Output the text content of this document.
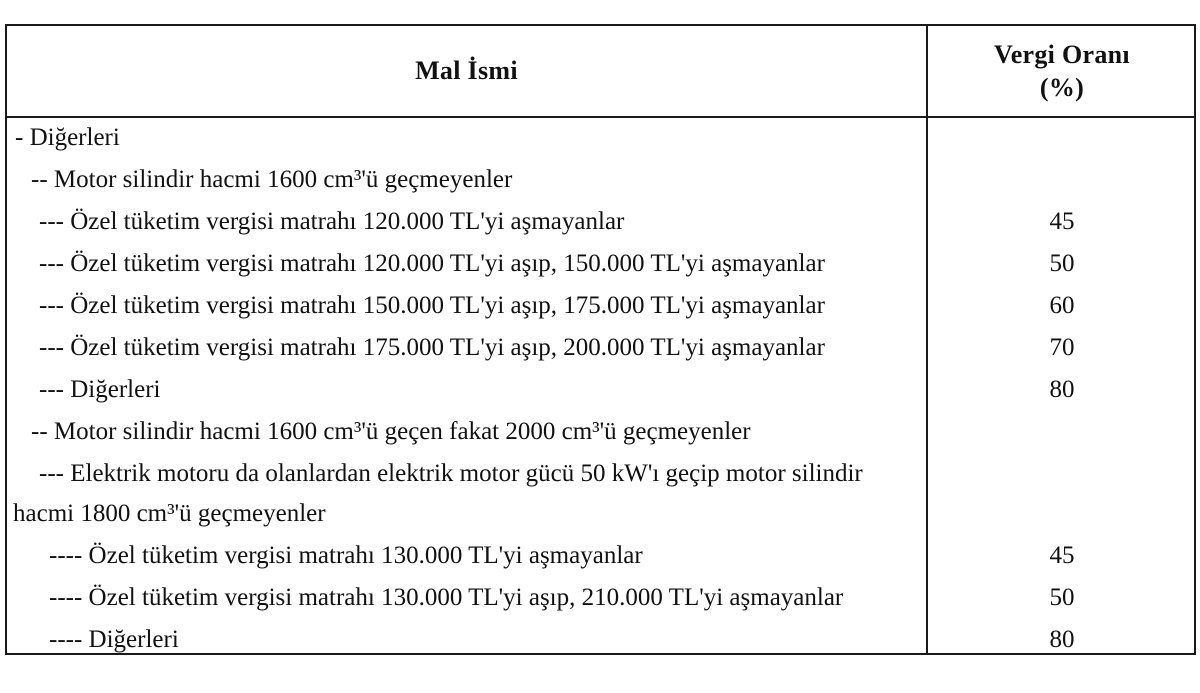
Mal İsmi
Vergi Oranı
(%)
- Diğerleri
-- Motor silindir hacmi 1600 cm³'ü geçmeyenler
--- Özel tüketim vergisi matrahı 120.000 TL'yi aşmayanlar	45
--- Özel tüketim vergisi matrahı 120.000 TL'yi aşıp, 150.000 TL'yi aşmayanlar	50
--- Özel tüketim vergisi matrahı 150.000 TL'yi aşıp, 175.000 TL'yi aşmayanlar	60
--- Özel tüketim vergisi matrahı 175.000 TL'yi aşıp, 200.000 TL'yi aşmayanlar	70
--- Diğerleri	80
-- Motor silindir hacmi 1600 cm³'ü geçen fakat 2000 cm³'ü geçmeyenler
--- Elektrik motoru da olanlardan elektrik motor gücü 50 kW'ı geçip motor silindir hacmi 1800 cm³'ü geçmeyenler
---- Özel tüketim vergisi matrahı 130.000 TL'yi aşmayanlar	45
---- Özel tüketim vergisi matrahı 130.000 TL'yi aşıp, 210.000 TL'yi aşmayanlar	50
---- Diğerleri	80
